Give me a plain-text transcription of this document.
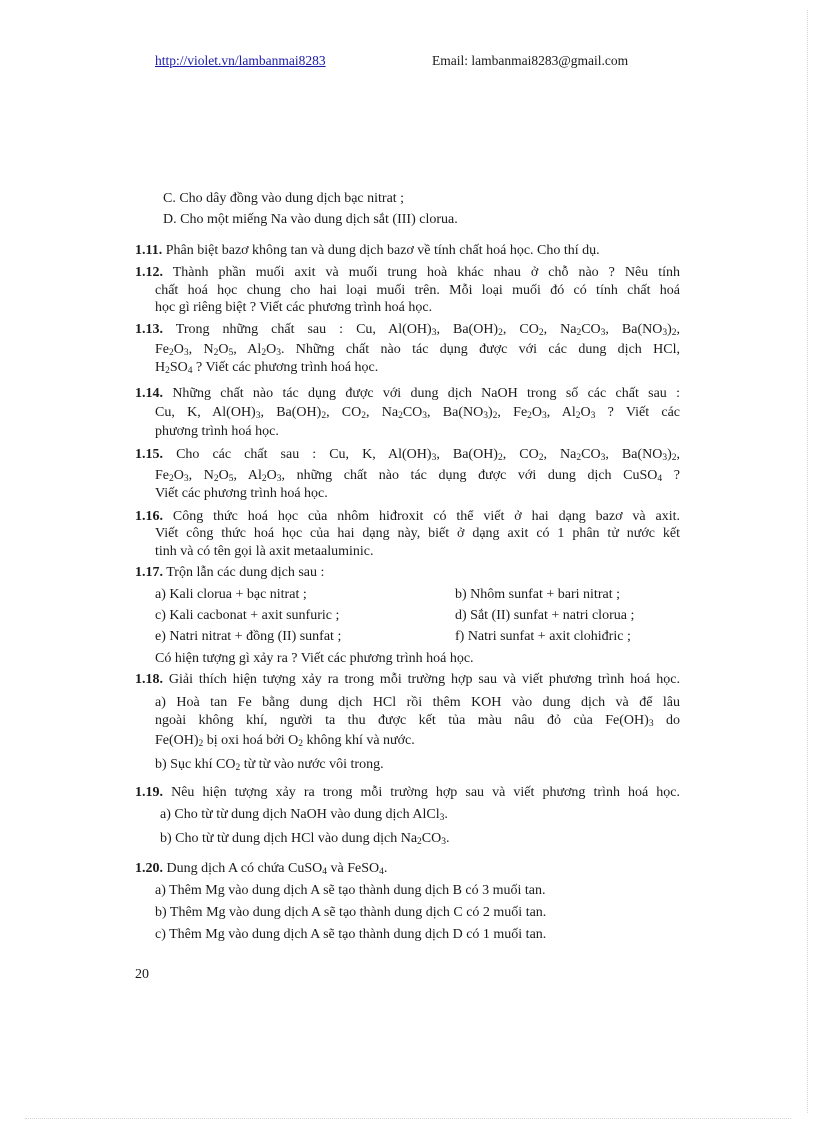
http://violet.vn/lambanmai8283	Email: lambanmai8283@gmail.com
C. Cho dây đồng vào dung dịch bạc nitrat ;
D. Cho một miếng Na vào dung dịch sắt (III) clorua.
1.11. Phân biệt bazơ không tan và dung dịch bazơ về tính chất hoá học. Cho thí dụ.
1.12. Thành phần muối axit và muối trung hoà khác nhau ở chỗ nào ? Nêu tính
chất hoá học chung cho hai loại muối trên. Mỗi loại muối đó có tính chất hoá
học gì riêng biệt ? Viết các phương trình hoá học.
1.13. Trong những chất sau : Cu, $Al(OH)_3$, $Ba(OH)_2$, $CO_2$, $Na_2CO_3$, $Ba(NO_3)_2$,
$Fe_2O_3$, $N_2O_5$, $Al_2O_3$. Những chất nào tác dụng được với các dung dịch HCl,
$H_2SO_4$ ? Viết các phương trình hoá học.
1.14. Những chất nào tác dụng được với dung dịch NaOH trong số các chất sau :
Cu, K, $Al(OH)_3$, $Ba(OH)_2$, $CO_2$, $Na_2CO_3$, $Ba(NO_3)_2$, $Fe_2O_3$, $Al_2O_3$ ? Viết các
phương trình hoá học.
1.15. Cho các chất sau : Cu, K, $Al(OH)_3$, $Ba(OH)_2$, $CO_2$, $Na_2CO_3$, $Ba(NO_3)_2$,
$Fe_2O_3$, $N_2O_5$, $Al_2O_3$, những chất nào tác dụng được với dung dịch CuSO$_4$ ?
Viết các phương trình hoá học.
1.16. Công thức hoá học của nhôm hiđroxit có thể viết ở hai dạng bazơ và axit.
Viết công thức hoá học của hai dạng này, biết ở dạng axit có 1 phân tử nước kết
tinh và có tên gọi là axit metaaluminic.
1.17. Trộn lẫn các dung dịch sau :
a) Kali clorua + bạc nitrat ;	b) Nhôm sunfat + bari nitrat ;
c) Kali cacbonat + axit sunfuric ;	d) Sắt (II) sunfat + natri clorua ;
e) Natri nitrat + đồng (II) sunfat ;	f) Natri sunfat + axit clohiđric ;
Có hiện tượng gì xảy ra ? Viết các phương trình hoá học.
1.18. Giải thích hiện tượng xảy ra trong mỗi trường hợp sau và viết phương trình hoá học.
a) Hoà tan Fe bằng dung dịch HCl rồi thêm KOH vào dung dịch và để lâu
ngoài không khí, người ta thu được kết tủa màu nâu đỏ của $Fe(OH)_3$ do
$Fe(OH)_2$ bị oxi hoá bởi $O_2$ không khí và nước.
b) Sục khí $CO_2$ từ từ vào nước vôi trong.
1.19. Nêu hiện tượng xảy ra trong mỗi trường hợp sau và viết phương trình hoá học.
a) Cho từ từ dung dịch NaOH vào dung dịch AlCl$_3$.
b) Cho từ từ dung dịch HCl vào dung dịch $Na_2CO_3$.
1.20. Dung dịch A có chứa CuSO$_4$ và FeSO$_4$.
a) Thêm Mg vào dung dịch A sẽ tạo thành dung dịch B có 3 muối tan.
b) Thêm Mg vào dung dịch A sẽ tạo thành dung dịch C có 2 muối tan.
c) Thêm Mg vào dung dịch A sẽ tạo thành dung dịch D có 1 muối tan.
20
